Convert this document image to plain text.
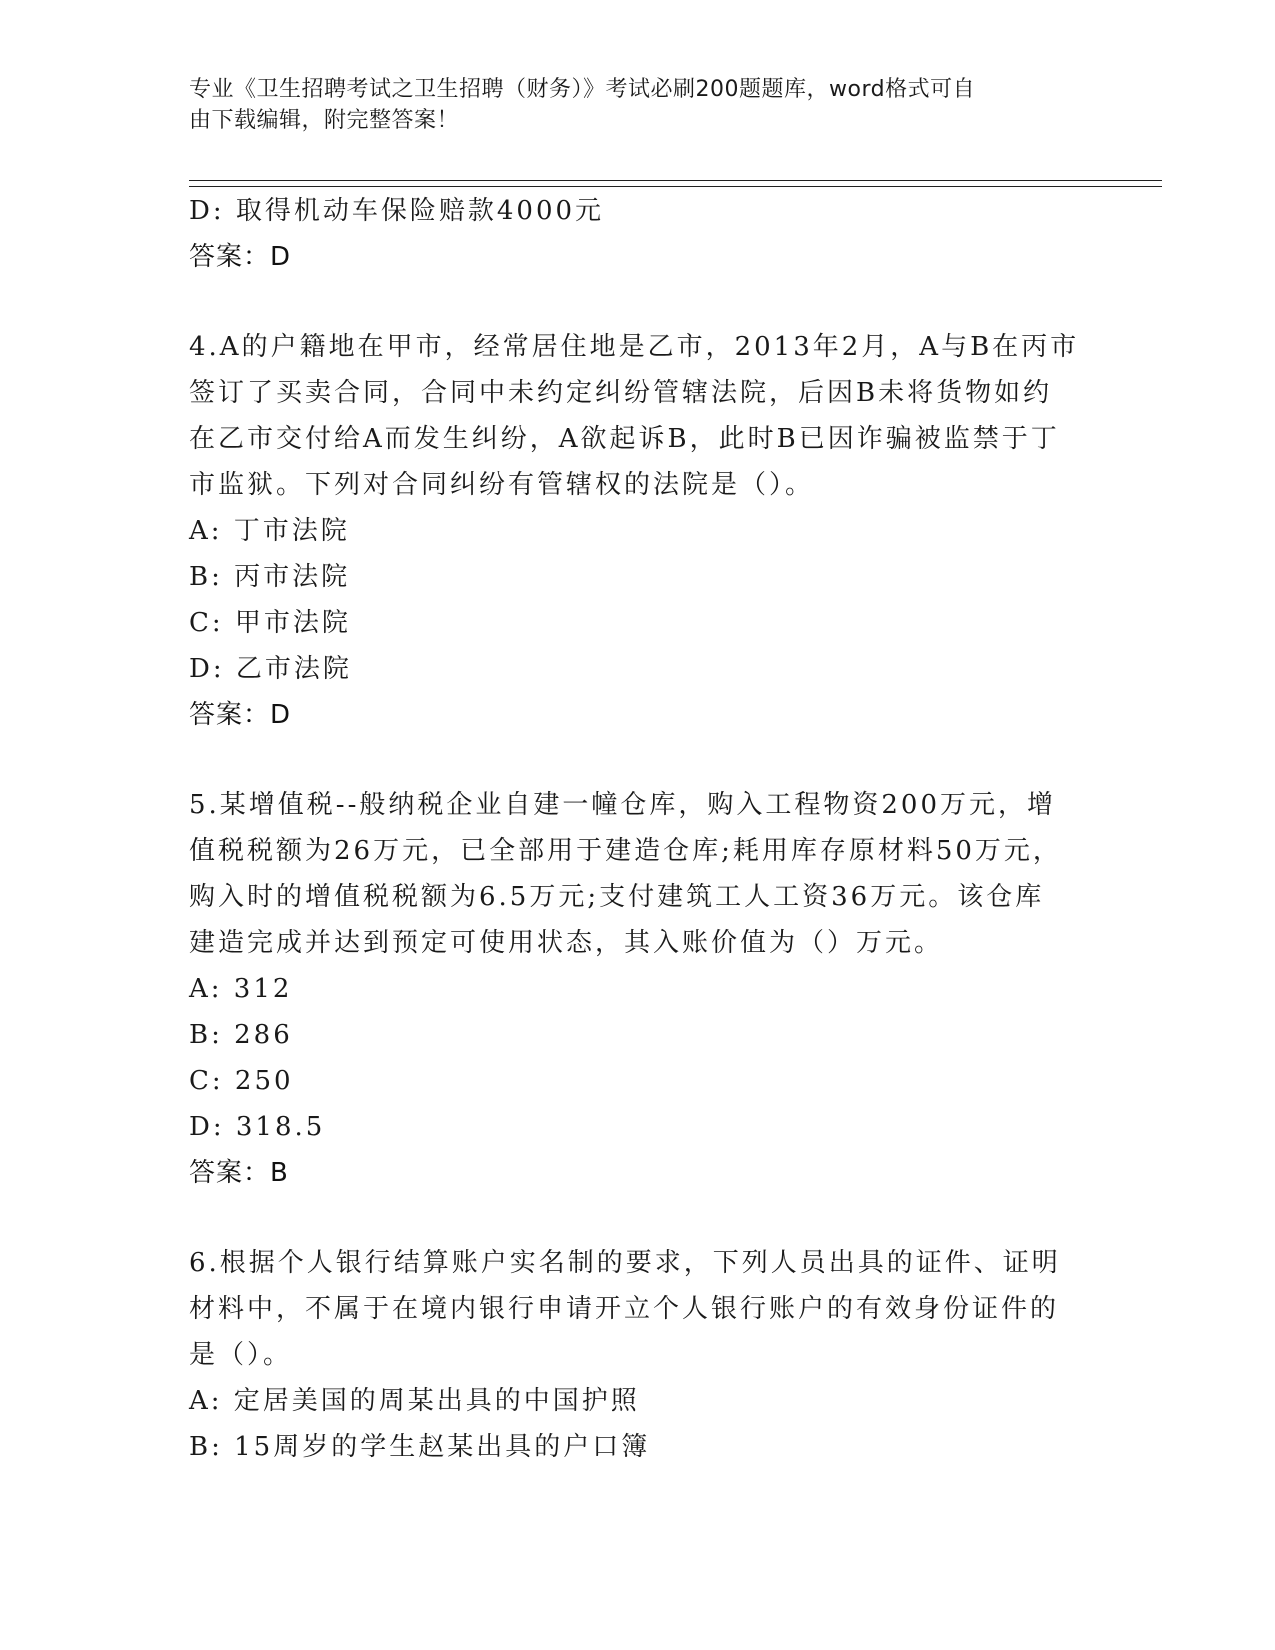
专业《卫生招聘考试之卫生招聘（财务）》考试必刷200题题库，word格式可自
由下载编辑，附完整答案！
D: 取得机动车保险赔款4000元
答案：D
4.A的户籍地在甲市，经常居住地是乙市，2013年2月，A与B在丙市
签订了买卖合同，合同中未约定纠纷管辖法院，后因B未将货物如约
在乙市交付给A而发生纠纷，A欲起诉B，此时B已因诈骗被监禁于丁
市监狱。下列对合同纠纷有管辖权的法院是（）。
A: 丁市法院
B: 丙市法院
C: 甲市法院
D: 乙市法院
答案：D
5.某增值税--般纳税企业自建一幢仓库，购入工程物资200万元，增
值税税额为26万元，已全部用于建造仓库;耗用库存原材料50万元，
购入时的增值税税额为6.5万元;支付建筑工人工资36万元。该仓库
建造完成并达到预定可使用状态，其入账价值为（）万元。
A: 312
B: 286
C: 250
D: 318.5
答案：B
6.根据个人银行结算账户实名制的要求，下列人员出具的证件、证明
材料中，不属于在境内银行申请开立个人银行账户的有效身份证件的
是（）。
A: 定居美国的周某出具的中国护照
B: 15周岁的学生赵某出具的户口簿
